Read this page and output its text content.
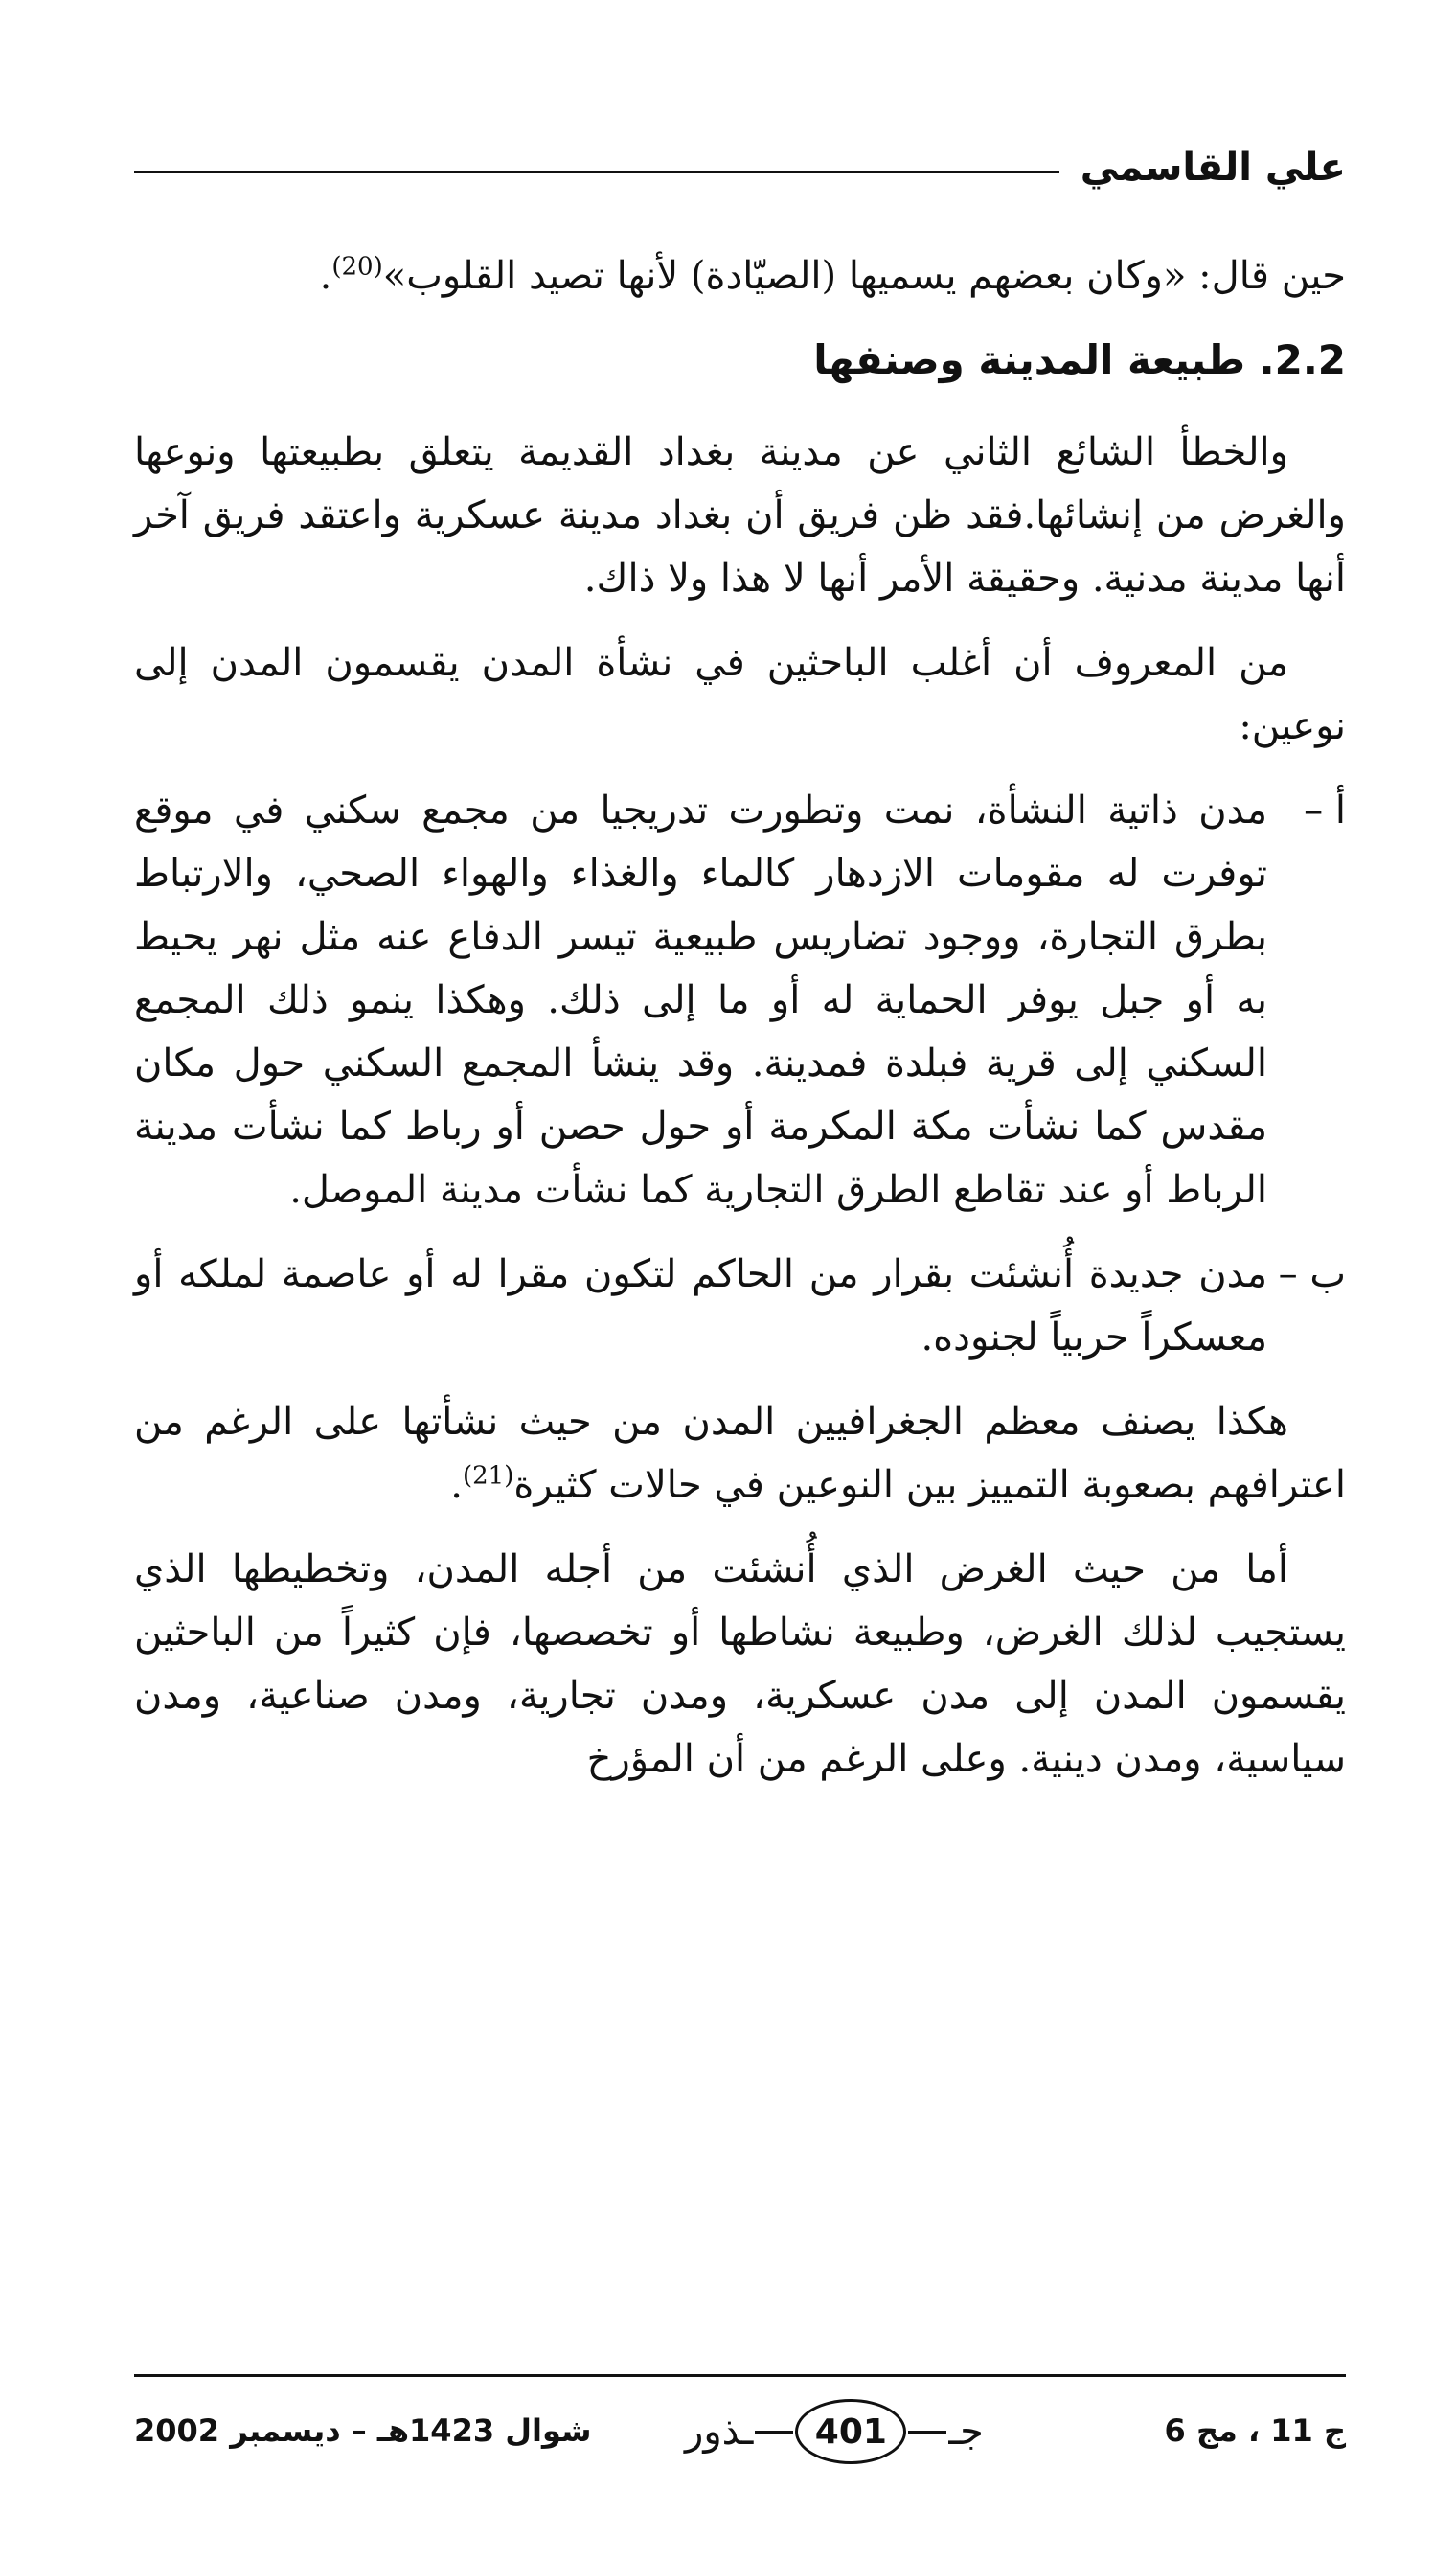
علي القاسمي

حين قال: «وكان بعضهم يسميها (الصيّادة) لأنها تصيد القلوب»$^{(20)}$.

2.2. طبيعة المدينة وصنفها

والخطأ الشائع الثاني عن مدينة بغداد القديمة يتعلق بطبيعتها ونوعها والغرض من إنشائها.فقد ظن فريق أن بغداد مدينة عسكرية واعتقد فريق آخر أنها مدينة مدنية. وحقيقة الأمر أنها لا هذا ولا ذاك.

من المعروف أن أغلب الباحثين في نشأة المدن يقسمون المدن إلى نوعين:

أ –
مدن ذاتية النشأة، نمت وتطورت تدريجيا من مجمع سكني في موقع توفرت له مقومات الازدهار كالماء والغذاء والهواء الصحي، والارتباط بطرق التجارة، ووجود تضاريس طبيعية تيسر الدفاع عنه مثل نهر يحيط به أو جبل يوفر الحماية له أو ما إلى ذلك. وهكذا ينمو ذلك المجمع السكني إلى قرية فبلدة فمدينة. وقد ينشأ المجمع السكني حول مكان مقدس كما نشأت مكة المكرمة أو حول حصن أو رباط كما نشأت مدينة الرباط أو عند تقاطع الطرق التجارية كما نشأت مدينة الموصل.
ب –
مدن جديدة أُنشئت بقرار من الحاكم لتكون مقرا له أو عاصمة لملكه أو معسكراً حربياً لجنوده.

هكذا يصنف معظم الجغرافيين المدن من حيث نشأتها على الرغم من اعترافهم بصعوبة التمييز بين النوعين في حالات كثيرة$^{(21)}$.

أما من حيث الغرض الذي أُنشئت من أجله المدن، وتخطيطها الذي يستجيب لذلك الغرض، وطبيعة نشاطها أو تخصصها، فإن كثيراً من الباحثين يقسمون المدن إلى مدن عسكرية، ومدن تجارية، ومدن صناعية، ومدن سياسية، ومدن دينية. وعلى الرغم من أن المؤرخ

شوال 1423هـ – ديسمبر 2002 ـذور	401	جـ	ج 11 ، مج 6
